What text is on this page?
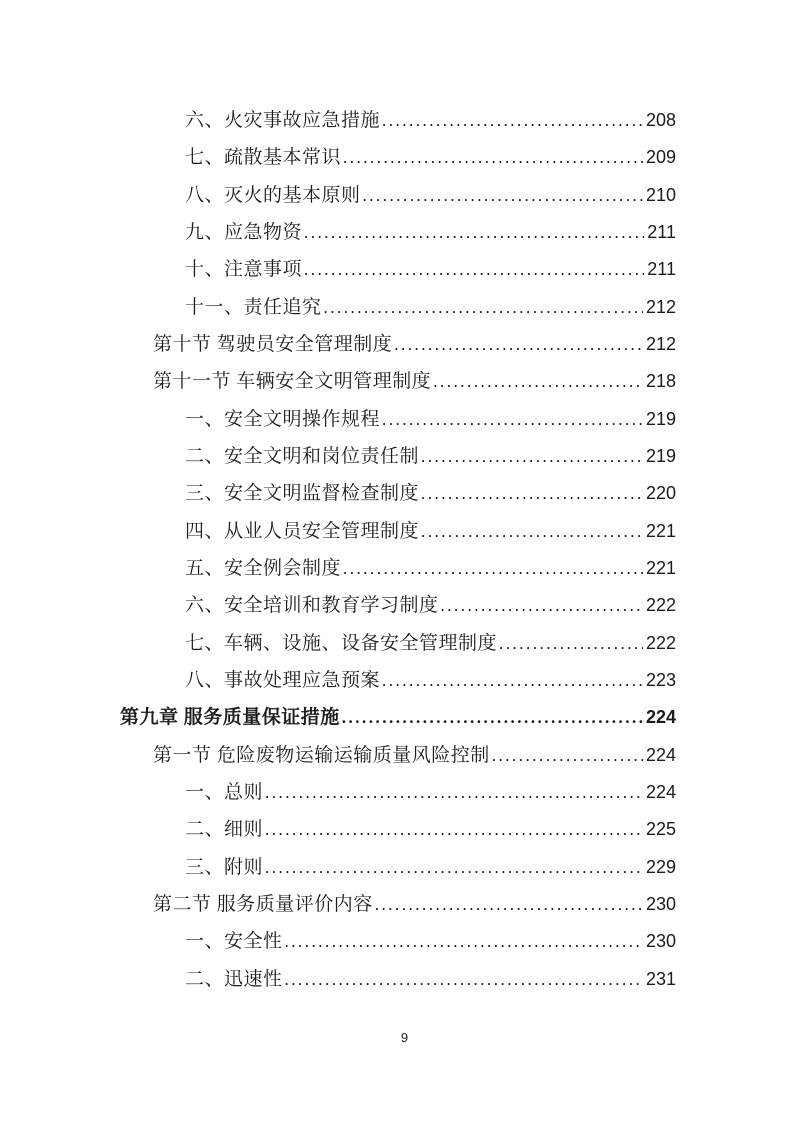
六、火灾事故应急措施 .....	208
七、疏散基本常识 .....	209
八、灭火的基本原则 .....	210
九、应急物资 .....	211
十、注意事项 .....	211
十一、责任追究 .....	212
第十节 驾驶员安全管理制度 .....	212
第十一节 车辆安全文明管理制度 .....	218
一、安全文明操作规程 .....	219
二、安全文明和岗位责任制 .....	219
三、安全文明监督检查制度 .....	220
四、从业人员安全管理制度 .....	221
五、安全例会制度 .....	221
六、安全培训和教育学习制度 .....	222
七、车辆、设施、设备安全管理制度 .....	222
八、事故处理应急预案 .....	223
第九章 服务质量保证措施 .....	224
第一节 危险废物运输运输质量风险控制 .....	224
一、总则 .....	224
二、细则 .....	225
三、附则 .....	229
第二节 服务质量评价内容 .....	230
一、安全性 .....	230
二、迅速性 .....	231
9
